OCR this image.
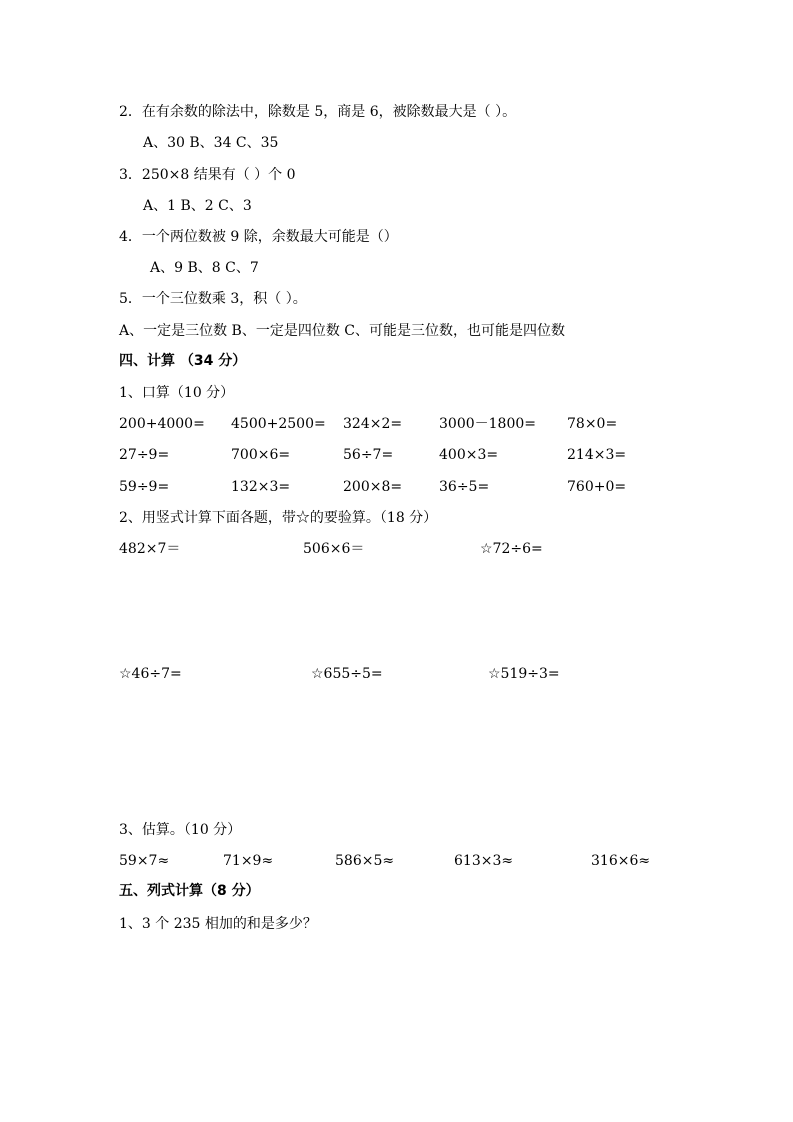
2．在有余数的除法中，除数是 5，商是 6，被除数最大是（ ）。
A、30 B、34 C、35
3．250×8 结果有（ ）个 0
A、1 B、2 C、3
4．一个两位数被 9 除，余数最大可能是（）
A、9 B、8 C、7
5．一个三位数乘 3，积（ ）。
A、一定是三位数 B、一定是四位数 C、可能是三位数，也可能是四位数
四、计算 （34 分）
1、口算（10 分）
200+4000= 4500+2500= 324×2=	3000－1800= 78×0=
27÷9=	700×6=	56÷7=	400×3=	214×3=
59÷9=	132×3=	200×8=	36÷5=	760+0=
2、用竖式计算下面各题，带☆的要验算。（18 分）
482×7＝	506×6＝	☆72÷6=
☆46÷7=	☆655÷5=	☆519÷3=
3、估算。（10 分）
59×7≈	71×9≈	586×5≈	613×3≈	316×6≈
五、列式计算（8 分）
1、3 个 235 相加的和是多少？
